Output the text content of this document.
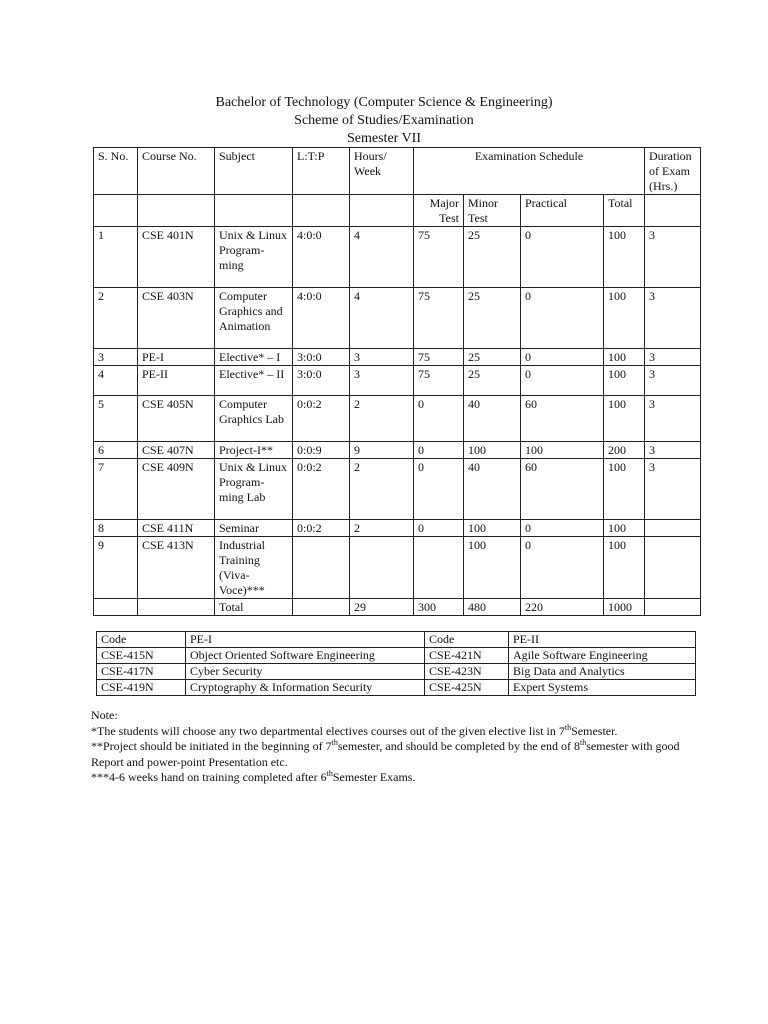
Bachelor of Technology (Computer Science & Engineering)
Scheme of Studies/Examination
Semester VII
S. No.	Course No.	Subject	L:T:P	Hours/ Week	Examination Schedule				Duration of Exam (Hrs.)
					Major Test	Minor Test	Practical	Total	
1	CSE 401N	Unix & Linux Program-ming	4:0:0	4	75	25	0	100	3
2	CSE 403N	Computer Graphics and Animation	4:0:0	4	75	25	0	100	3
3	PE-I	Elective* – I	3:0:0	3	75	25	0	100	3
4	PE-II	Elective* – II	3:0:0	3	75	25	0	100	3
5	CSE 405N	Computer Graphics Lab	0:0:2	2	0	40	60	100	3
6	CSE 407N	Project-I**	0:0:9	9	0	100	100	200	3
7	CSE 409N	Unix & Linux Program-ming Lab	0:0:2	2	0	40	60	100	3
8	CSE 411N	Seminar	0:0:2	2	0	100	0	100	
9	CSE 413N	Industrial Training (Viva-Voce)***				100	0	100	
		Total		29	300	480	220	1000	
Code	PE-I	Code	PE-II
CSE-415N	Object Oriented Software Engineering	CSE-421N	Agile Software Engineering
CSE-417N	Cyber Security	CSE-423N	Big Data and Analytics
CSE-419N	Cryptography & Information Security	CSE-425N	Expert Systems

Note:

*The students will choose any two departmental electives courses out of the given elective list in 7thSemester.

**Project should be initiated in the beginning of 7thsemester, and should be completed by the end of 8thsemester with good Report and power-point Presentation etc.

***4-6 weeks hand on training completed after 6thSemester Exams.
